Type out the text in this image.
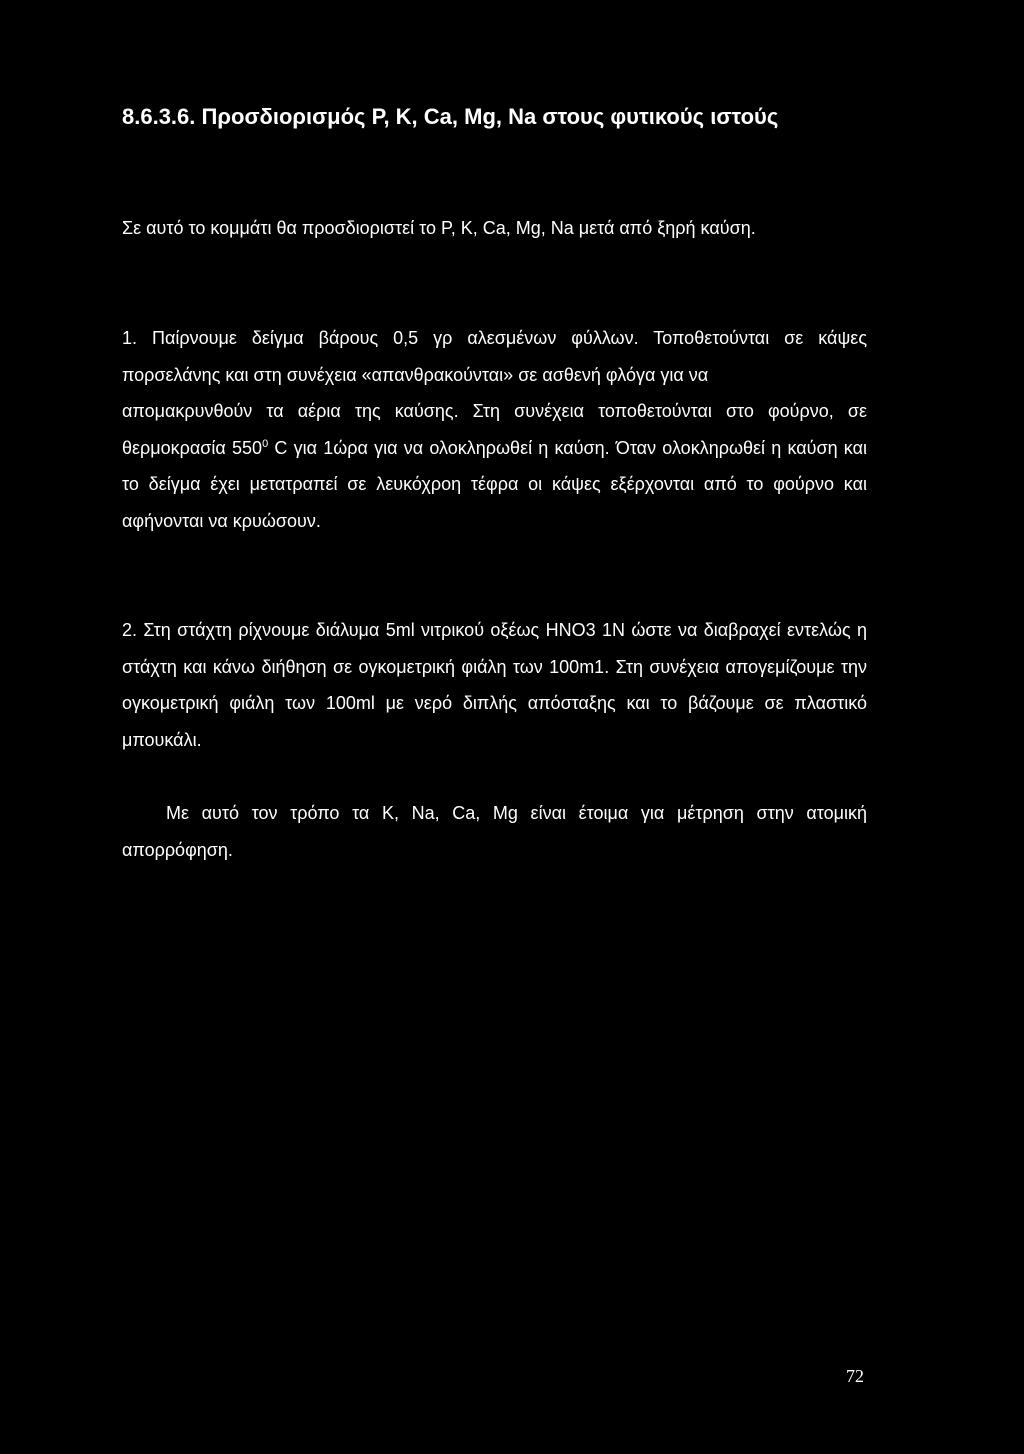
8.6.3.6. Προσδιορισμός P, K, Ca, Mg, Na στους φυτικούς ιστούς

Σε αυτό το κομμάτι θα προσδιοριστεί το P, K, Ca, Mg, Na μετά από ξηρή καύση.

1. Παίρνουμε δείγμα βάρους 0,5 γρ αλεσμένων φύλλων. Τοποθετούνται σε κάψες πορσελάνης και στη συνέχεια «απανθρακούνται» σε ασθενή φλόγα για να
απομακρυνθούν τα αέρια της καύσης. Στη συνέχεια τοποθετούνται στο φούρνο, σε θερμοκρασία $550^0$ C για 1ώρα για να ολοκληρωθεί η καύση. Όταν ολοκληρωθεί η καύση και το δείγμα έχει μετατραπεί σε λευκόχροη τέφρα οι κάψες εξέρχονται από το φούρνο και αφήνονται να κρυώσουν.

2. Στη στάχτη ρίχνουμε διάλυμα 5ml νιτρικού οξέως HNO3 1N ώστε να διαβραχεί εντελώς η στάχτη και κάνω διήθηση σε ογκομετρική φιάλη των 100m1. Στη συνέχεια απογεμίζουμε την ογκομετρική φιάλη των 100ml με νερό διπλής απόσταξης και το βάζουμε σε πλαστικό μπουκάλι.

Με αυτό τον τρόπο τα K, Na, Ca, Mg είναι έτοιμα για μέτρηση στην ατομική απορρόφηση.

72
